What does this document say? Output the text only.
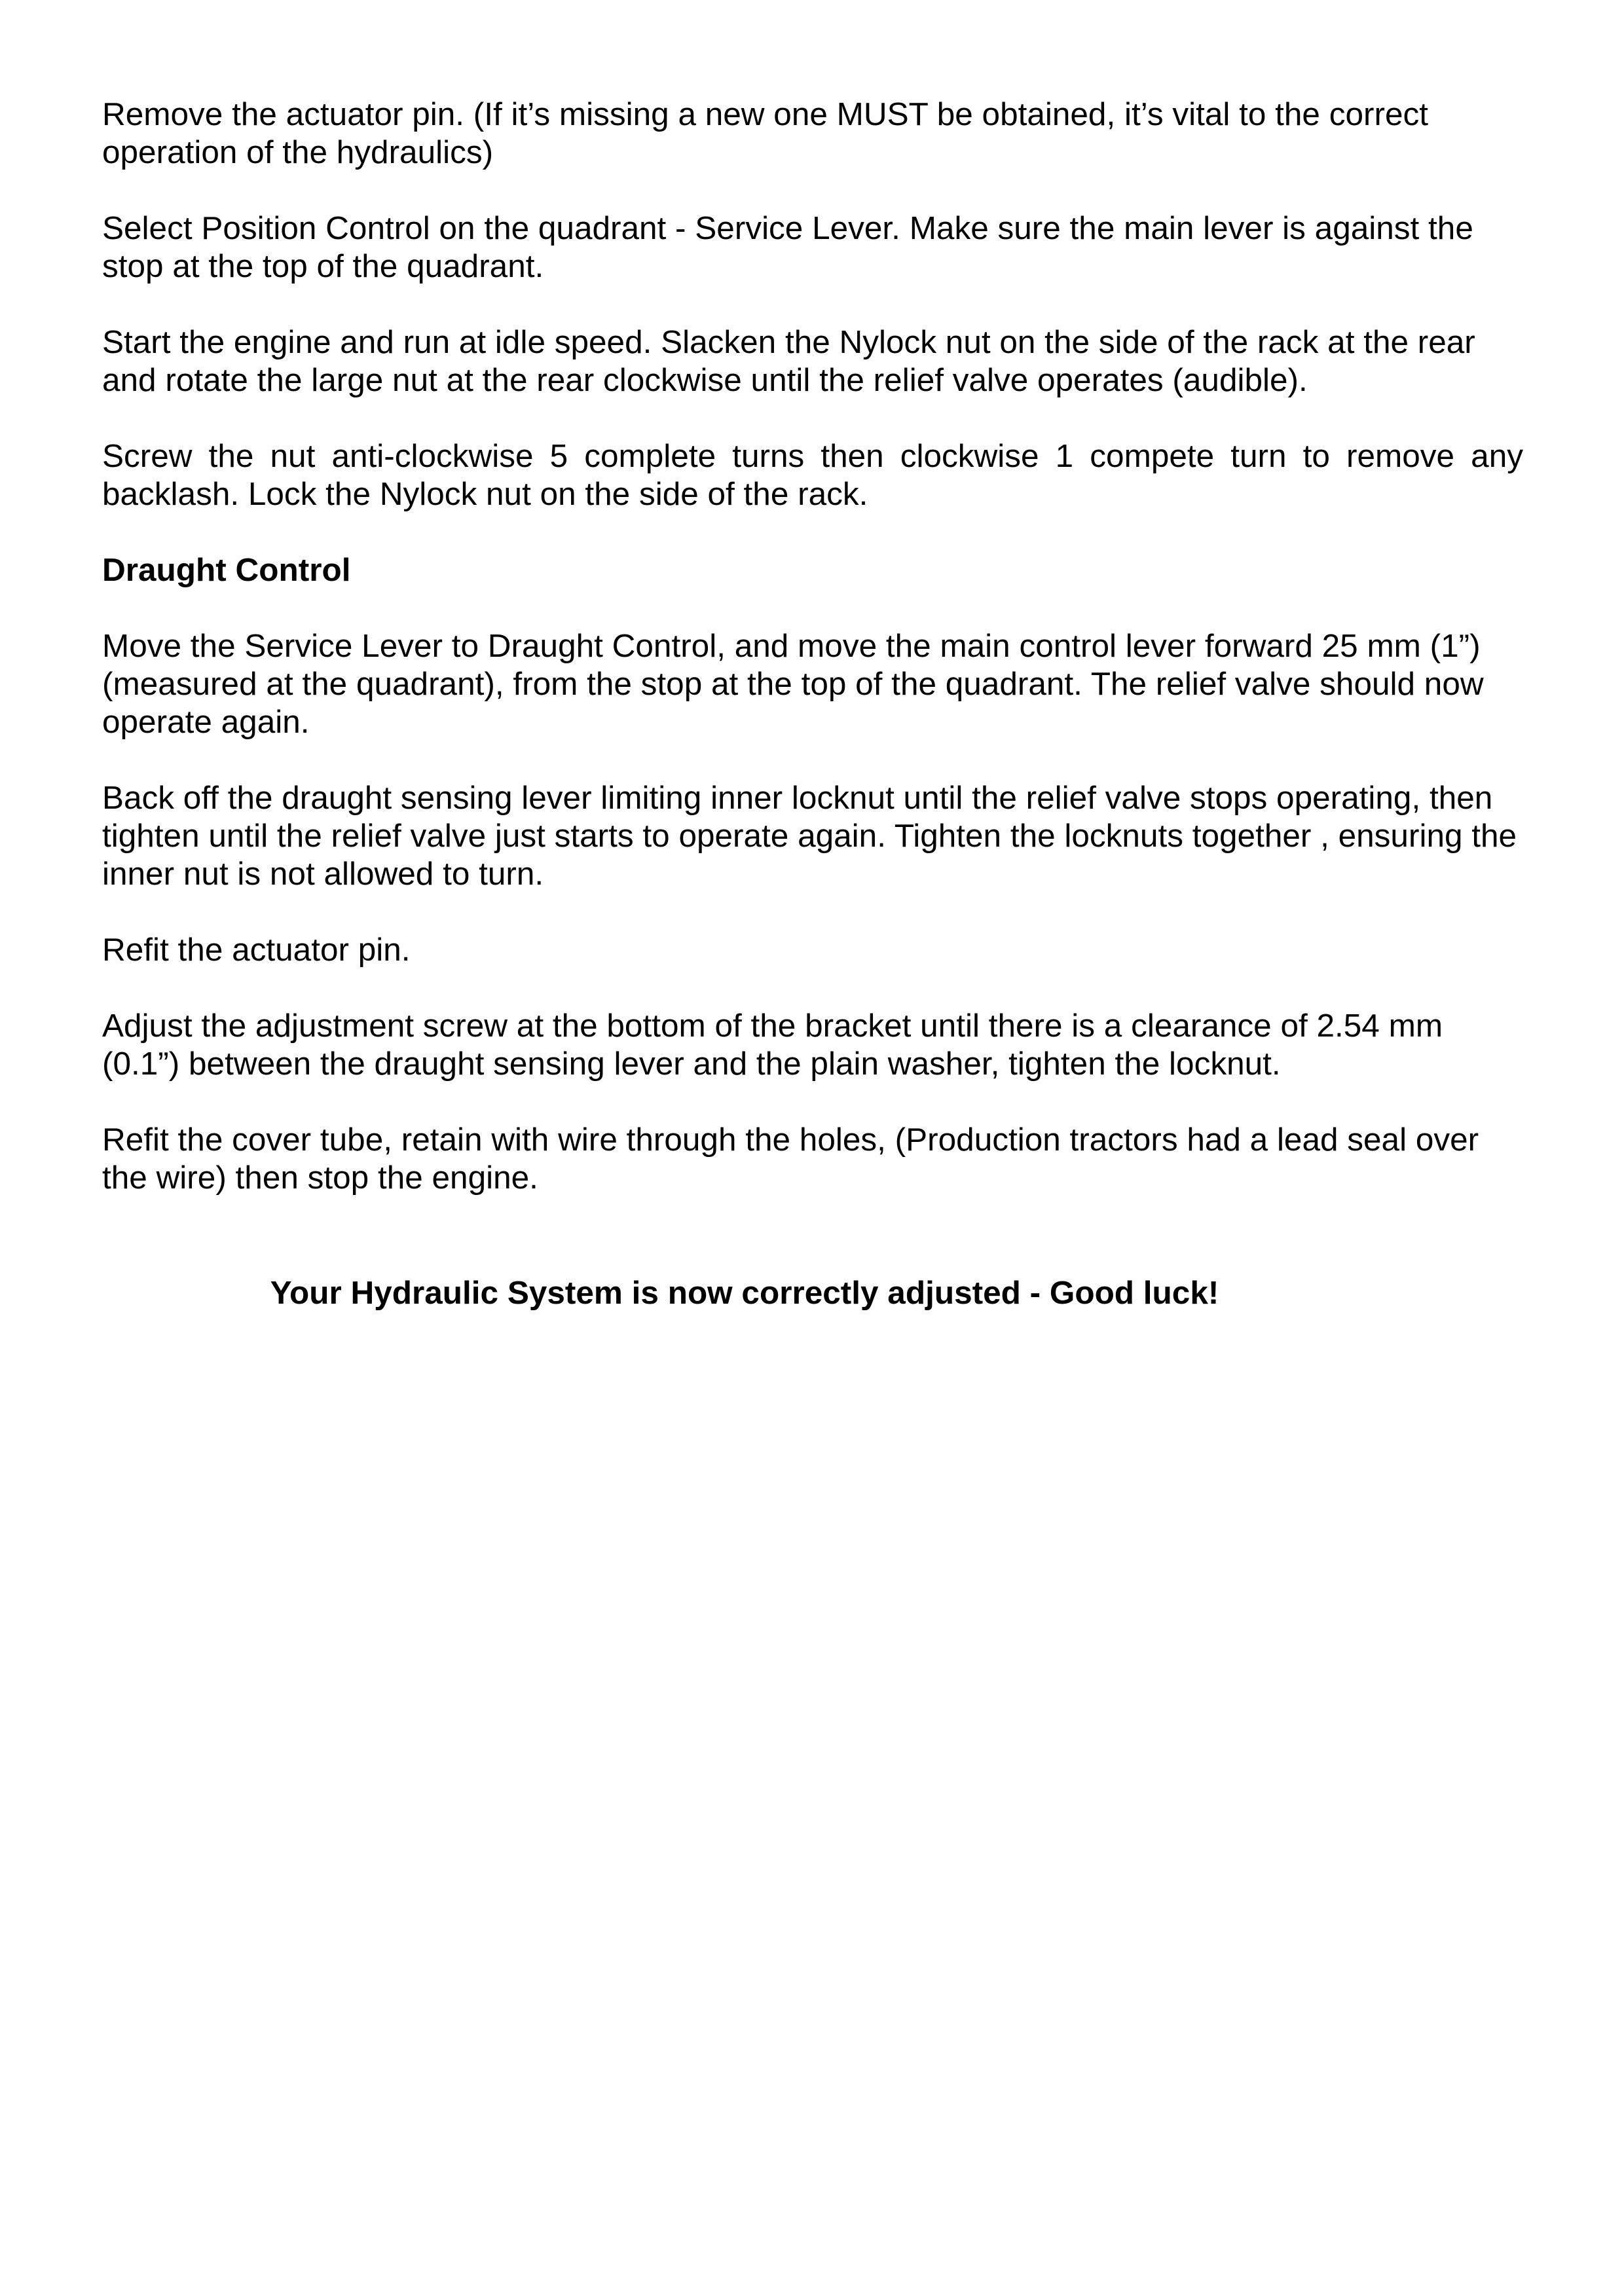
Remove the actuator pin. (If it’s missing a new one MUST be obtained, it’s vital to the correct operation of the hydraulics)

Select Position Control on the quadrant - Service Lever. Make sure the main lever is against the stop at the top of the quadrant.

Start the engine and run at idle speed. Slacken the Nylock nut on the side of the rack at the rear and rotate the large nut at the rear clockwise until the relief valve operates (audible).

Screw the nut anti-clockwise 5 complete turns then clockwise 1 compete turn to remove any backlash. Lock the Nylock nut on the side of the rack.

Draught Control

Move the Service Lever to Draught Control, and move the main control lever forward 25 mm (1”) (measured at the quadrant), from the stop at the top of the quadrant. The relief valve should now operate again.

Back off the draught sensing lever limiting inner locknut until the relief valve stops operating, then tighten until the relief valve just starts to operate again. Tighten the locknuts together , ensuring the inner nut is not allowed to turn.

Refit the actuator pin.

Adjust the adjustment screw at the bottom of the bracket until there is a clearance of 2.54 mm (0.1”) between the draught sensing lever and the plain washer, tighten the locknut.

Refit the cover tube, retain with wire through the holes, (Production tractors had a lead seal over the wire) then stop the engine.

Your Hydraulic System is now correctly adjusted - Good luck!
